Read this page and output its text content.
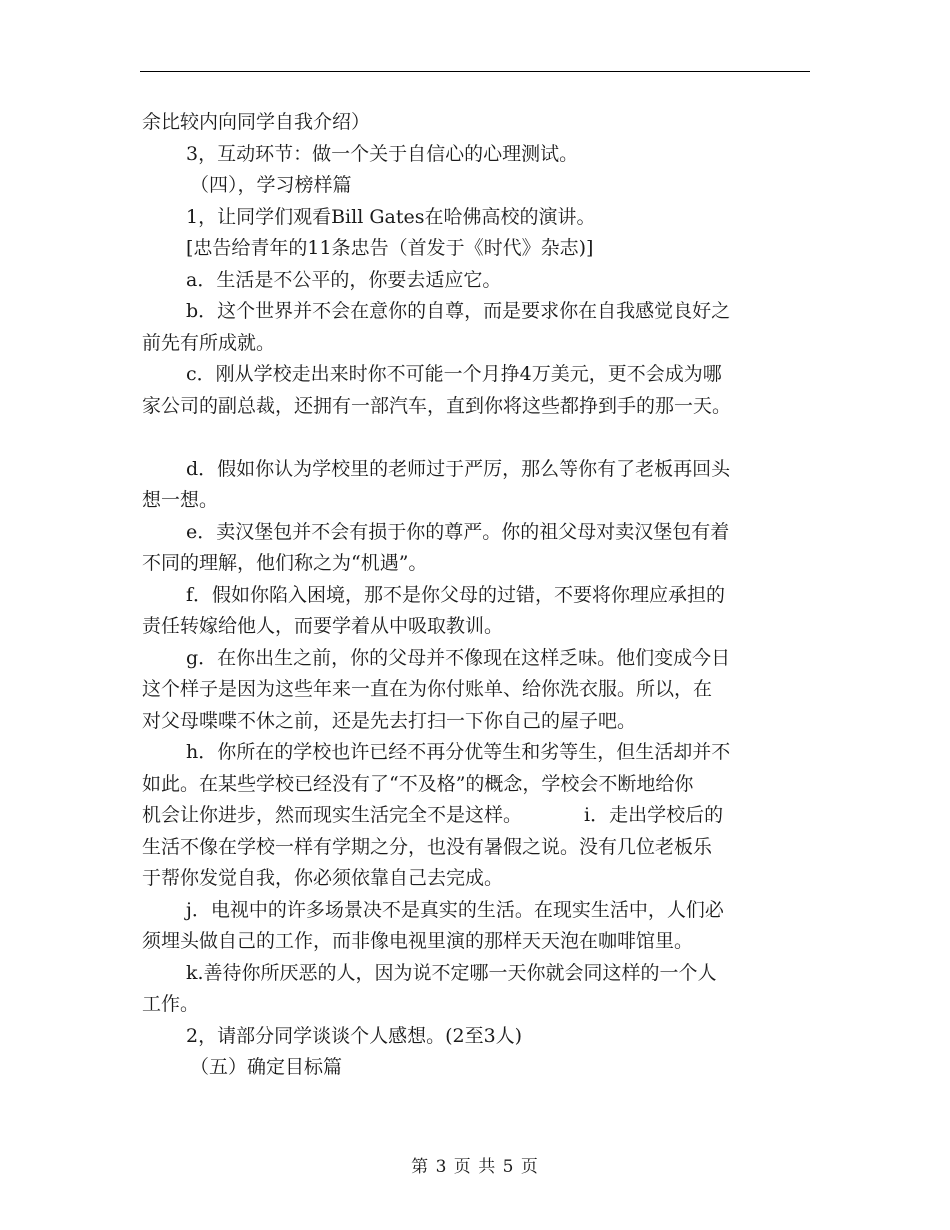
余比较内向同学自我介绍）
3，互动环节：做一个关于自信心的心理测试。
（四），学习榜样篇
1，让同学们观看Bill Gates在哈佛高校的演讲。
[忠告给青年的11条忠告（首发于《时代》杂志)]
a．生活是不公平的，你要去适应它。
b．这个世界并不会在意你的自尊，而是要求你在自我感觉良好之
前先有所成就。
c．刚从学校走出来时你不可能一个月挣4万美元，更不会成为哪
家公司的副总裁，还拥有一部汽车，直到你将这些都挣到手的那一天。
d．假如你认为学校里的老师过于严厉，那么等你有了老板再回头
想一想。
e．卖汉堡包并不会有损于你的尊严。你的祖父母对卖汉堡包有着
不同的理解，他们称之为“机遇”。
f．假如你陷入困境，那不是你父母的过错，不要将你理应承担的
责任转嫁给他人，而要学着从中吸取教训。
g．在你出生之前，你的父母并不像现在这样乏味。他们变成今日
这个样子是因为这些年来一直在为你付账单、给你洗衣服。所以，在
对父母喋喋不休之前，还是先去打扫一下你自己的屋子吧。
h．你所在的学校也许已经不再分优等生和劣等生，但生活却并不
如此。在某些学校已经没有了“不及格”的概念，学校会不断地给你
机会让你进步，然而现实生活完全不是这样。	i．走出学校后的
生活不像在学校一样有学期之分，也没有暑假之说。没有几位老板乐
于帮你发觉自我，你必须依靠自己去完成。
j．电视中的许多场景决不是真实的生活。在现实生活中，人们必
须埋头做自己的工作，而非像电视里演的那样天天泡在咖啡馆里。
k.善待你所厌恶的人，因为说不定哪一天你就会同这样的一个人
工作。
2，请部分同学谈谈个人感想。(2至3人)
（五）确定目标篇
第 3 页 共 5 页
